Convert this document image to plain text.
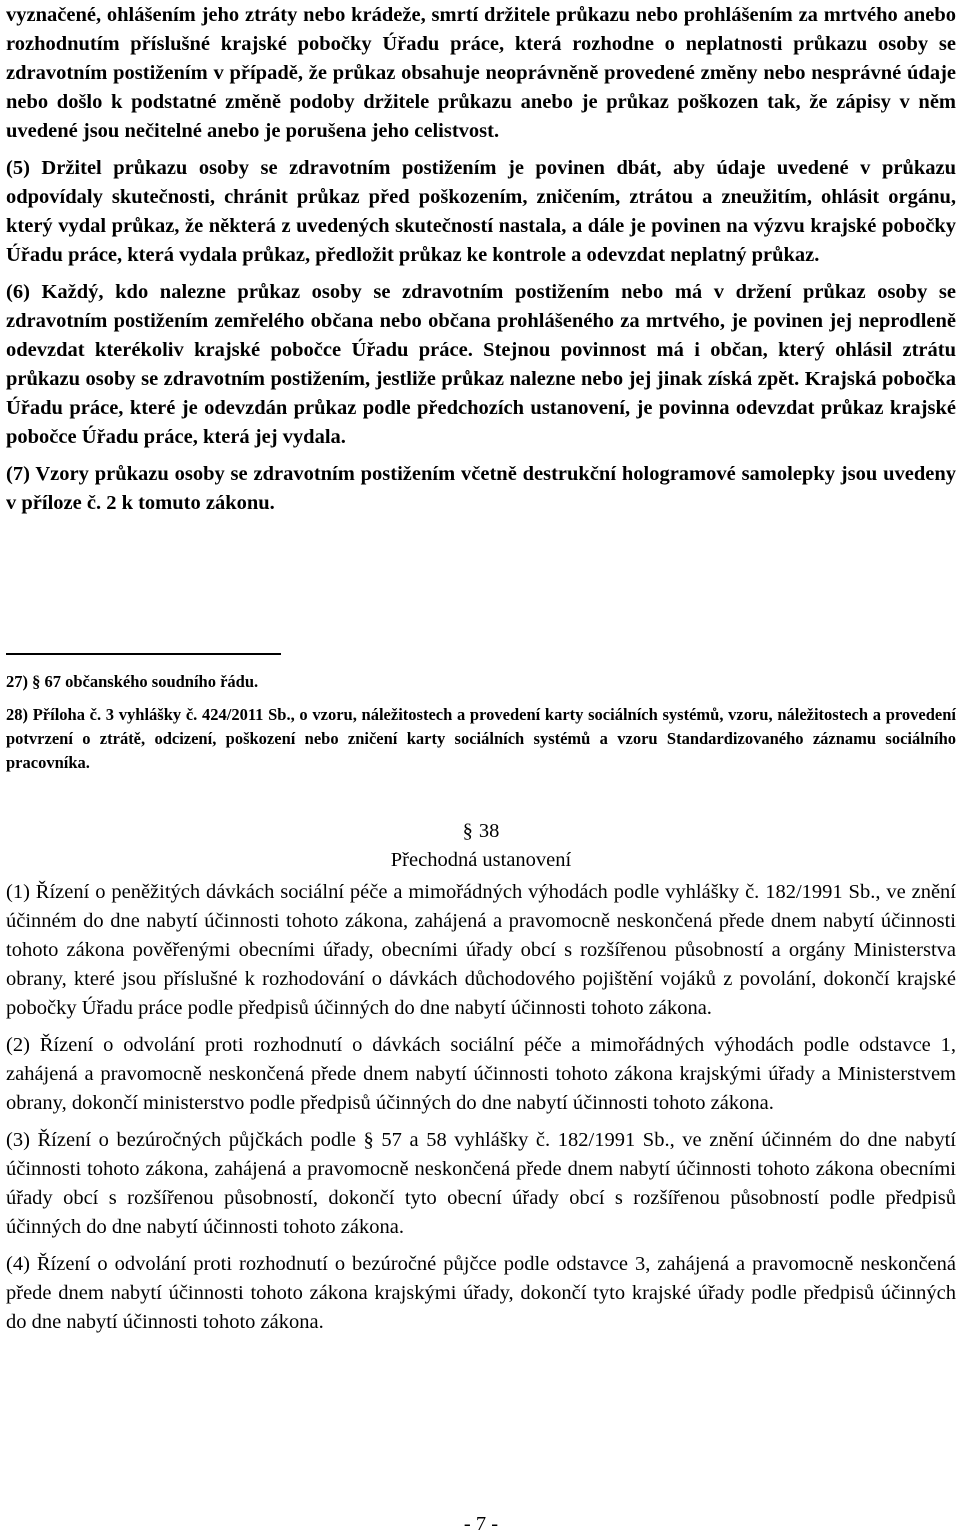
vyznačené, ohlášením jeho ztráty nebo krádeže, smrtí držitele průkazu nebo prohlášením za mrtvého anebo rozhodnutím příslušné krajské pobočky Úřadu práce, která rozhodne o neplatnosti průkazu osoby se zdravotním postižením v případě, že průkaz obsahuje neoprávněně provedené změny nebo nesprávné údaje nebo došlo k podstatné změně podoby držitele průkazu anebo je průkaz poškozen tak, že zápisy v něm uvedené jsou nečitelné anebo je porušena jeho celistvost.

(5) Držitel průkazu osoby se zdravotním postižením je povinen dbát, aby údaje uvedené v průkazu odpovídaly skutečnosti, chránit průkaz před poškozením, zničením, ztrátou a zneužitím, ohlásit orgánu, který vydal průkaz, že některá z uvedených skutečností nastala, a dále je povinen na výzvu krajské pobočky Úřadu práce, která vydala průkaz, předložit průkaz ke kontrole a odevzdat neplatný průkaz.

(6) Každý, kdo nalezne průkaz osoby se zdravotním postižením nebo má v držení průkaz osoby se zdravotním postižením zemřelého občana nebo občana prohlášeného za mrtvého, je povinen jej neprodleně odevzdat kterékoliv krajské pobočce Úřadu práce. Stejnou povinnost má i občan, který ohlásil ztrátu průkazu osoby se zdravotním postižením, jestliže průkaz nalezne nebo jej jinak získá zpět. Krajská pobočka Úřadu práce, které je odevzdán průkaz podle předchozích ustanovení, je povinna odevzdat průkaz krajské pobočce Úřadu práce, která jej vydala.

(7) Vzory průkazu osoby se zdravotním postižením včetně destrukční hologramové samolepky jsou uvedeny v příloze č. 2 k tomuto zákonu.

27) § 67 občanského soudního řádu.

28) Příloha č. 3 vyhlášky č. 424/2011 Sb., o vzoru, náležitostech a provedení karty sociálních systémů, vzoru, náležitostech a provedení potvrzení o ztrátě, odcizení, poškození nebo zničení karty sociálních systémů a vzoru Standardizovaného záznamu sociálního pracovníka.

§ 38
Přechodná ustanovení

(1) Řízení o peněžitých dávkách sociální péče a mimořádných výhodách podle vyhlášky č. 182/1991 Sb., ve znění účinném do dne nabytí účinnosti tohoto zákona, zahájená a pravomocně neskončená přede dnem nabytí účinnosti tohoto zákona pověřenými obecními úřady, obecními úřady obcí s rozšířenou působností a orgány Ministerstva obrany, které jsou příslušné k rozhodování o dávkách důchodového pojištění vojáků z povolání, dokončí krajské pobočky Úřadu práce podle předpisů účinných do dne nabytí účinnosti tohoto zákona.

(2) Řízení o odvolání proti rozhodnutí o dávkách sociální péče a mimořádných výhodách podle odstavce 1, zahájená a pravomocně neskončená přede dnem nabytí účinnosti tohoto zákona krajskými úřady a Ministerstvem obrany, dokončí ministerstvo podle předpisů účinných do dne nabytí účinnosti tohoto zákona.

(3) Řízení o bezúročných půjčkách podle § 57 a 58 vyhlášky č. 182/1991 Sb., ve znění účinném do dne nabytí účinnosti tohoto zákona, zahájená a pravomocně neskončená přede dnem nabytí účinnosti tohoto zákona obecními úřady obcí s rozšířenou působností, dokončí tyto obecní úřady obcí s rozšířenou působností podle předpisů účinných do dne nabytí účinnosti tohoto zákona.

(4) Řízení o odvolání proti rozhodnutí o bezúročné půjčce podle odstavce 3, zahájená a pravomocně neskončená přede dnem nabytí účinnosti tohoto zákona krajskými úřady, dokončí tyto krajské úřady podle předpisů účinných do dne nabytí účinnosti tohoto zákona.

- 7 -
